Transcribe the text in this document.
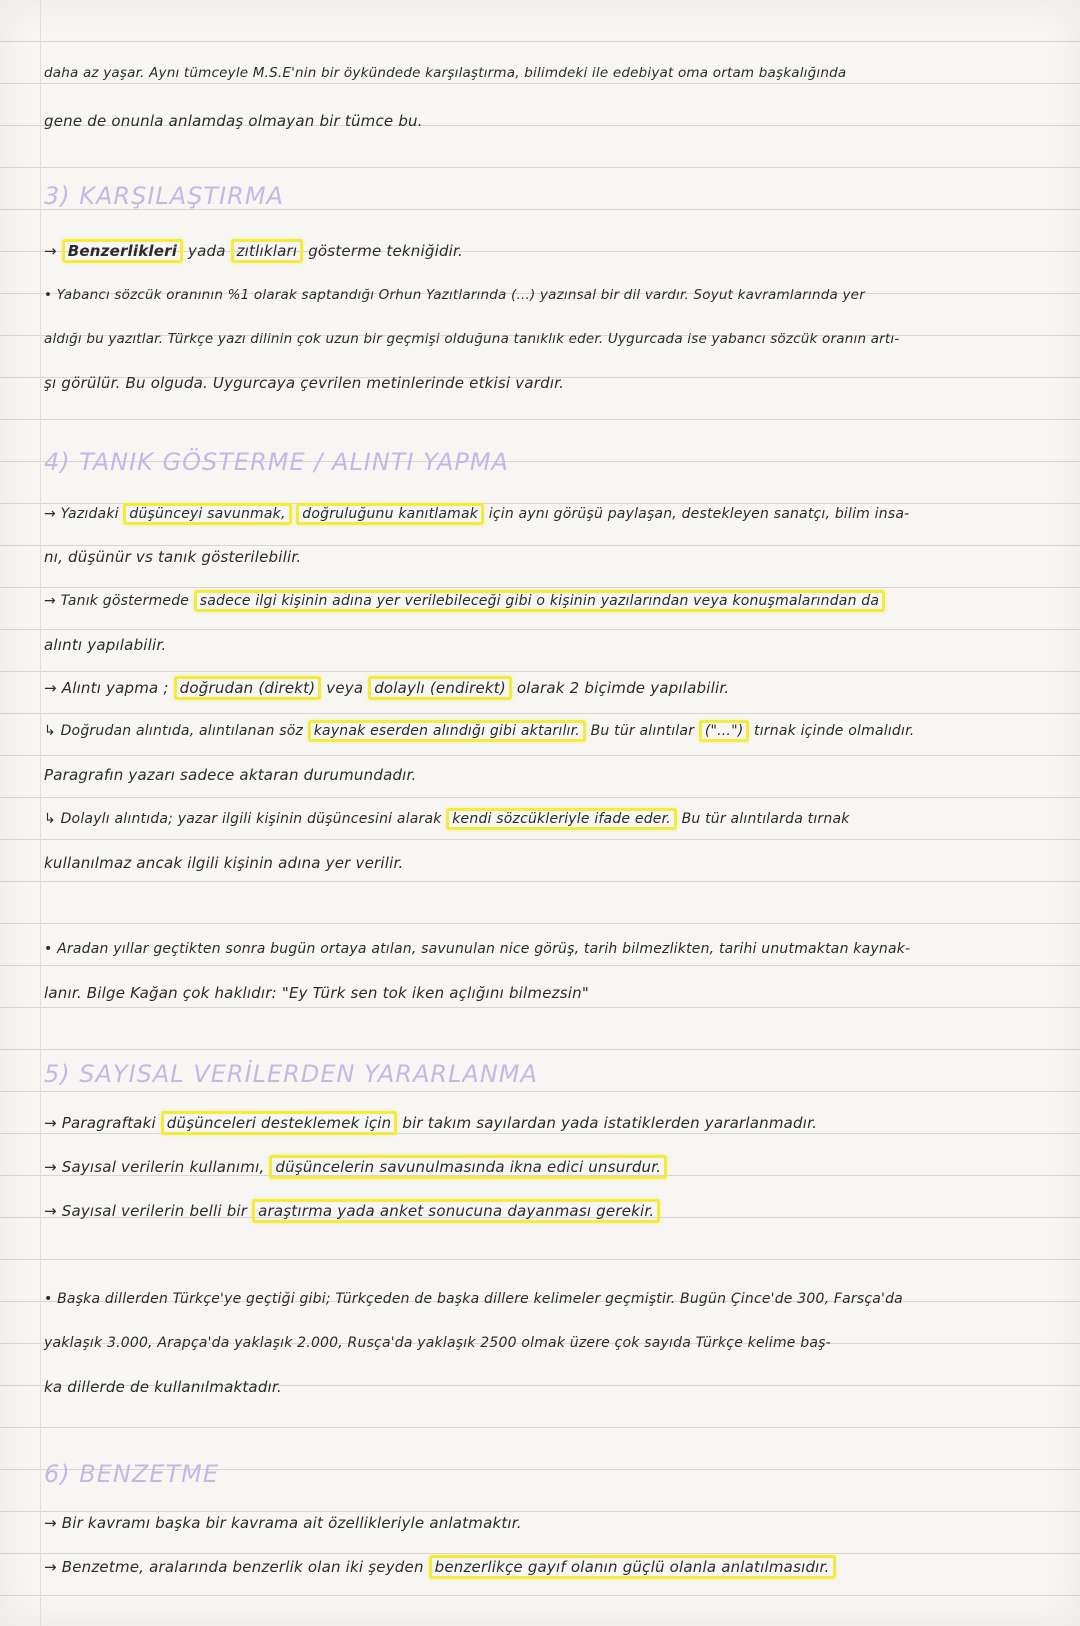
daha az yaşar. Aynı tümceyle M.S.E'nin bir öykündede karşılaştırma, bilimdeki ile edebiyat oma ortam başkalığında
gene de onunla anlamdaş olmayan bir tümce bu.
3) KARŞILAŞTIRMA
→ Benzerlikleri yada zıtlıkları gösterme tekniğidir.
• Yabancı sözcük oranının %1 olarak saptandığı Orhun Yazıtlarında (...) yazınsal bir dil vardır. Soyut kavramlarında yer
aldığı bu yazıtlar. Türkçe yazı dilinin çok uzun bir geçmişi olduğuna tanıklık eder. Uygurcada ise yabancı sözcük oranın artı-
şı görülür. Bu olguda. Uygurcaya çevrilen metinlerinde etkisi vardır.
4) TANIK GÖSTERME / ALINTI YAPMA
→ Yazıdaki düşünceyi savunmak, doğruluğunu kanıtlamak için aynı görüşü paylaşan, destekleyen sanatçı, bilim insa-
nı, düşünür vs tanık gösterilebilir.
→ Tanık göstermede sadece ilgi kişinin adına yer verilebileceği gibi o kişinin yazılarından veya konuşmalarından da
alıntı yapılabilir.
→ Alıntı yapma ; doğrudan (direkt) veya dolaylı (endirekt) olarak 2 biçimde yapılabilir.
↳ Doğrudan alıntıda, alıntılanan söz kaynak eserden alındığı gibi aktarılır. Bu tür alıntılar ("...") tırnak içinde olmalıdır.
Paragrafın yazarı sadece aktaran durumundadır.
↳ Dolaylı alıntıda; yazar ilgili kişinin düşüncesini alarak kendi sözcükleriyle ifade eder. Bu tür alıntılarda tırnak
kullanılmaz ancak ilgili kişinin adına yer verilir.
• Aradan yıllar geçtikten sonra bugün ortaya atılan, savunulan nice görüş, tarih bilmezlikten, tarihi unutmaktan kaynak-
lanır. Bilge Kağan çok haklıdır: "Ey Türk sen tok iken açlığını bilmezsin"
5) SAYISAL VERİLERDEN YARARLANMA
→ Paragraftaki düşünceleri desteklemek için bir takım sayılardan yada istatiklerden yararlanmadır.
→ Sayısal verilerin kullanımı, düşüncelerin savunulmasında ikna edici unsurdur.
→ Sayısal verilerin belli bir araştırma yada anket sonucuna dayanması gerekir.
• Başka dillerden Türkçe'ye geçtiği gibi; Türkçeden de başka dillere kelimeler geçmiştir. Bugün Çince'de 300, Farsça'da
yaklaşık 3.000, Arapça'da yaklaşık 2.000, Rusça'da yaklaşık 2500 olmak üzere çok sayıda Türkçe kelime baş-
ka dillerde de kullanılmaktadır.
6) BENZETME
→ Bir kavramı başka bir kavrama ait özellikleriyle anlatmaktır.
→ Benzetme, aralarında benzerlik olan iki şeyden benzerlikçe gayıf olanın güçlü olanla anlatılmasıdır.
